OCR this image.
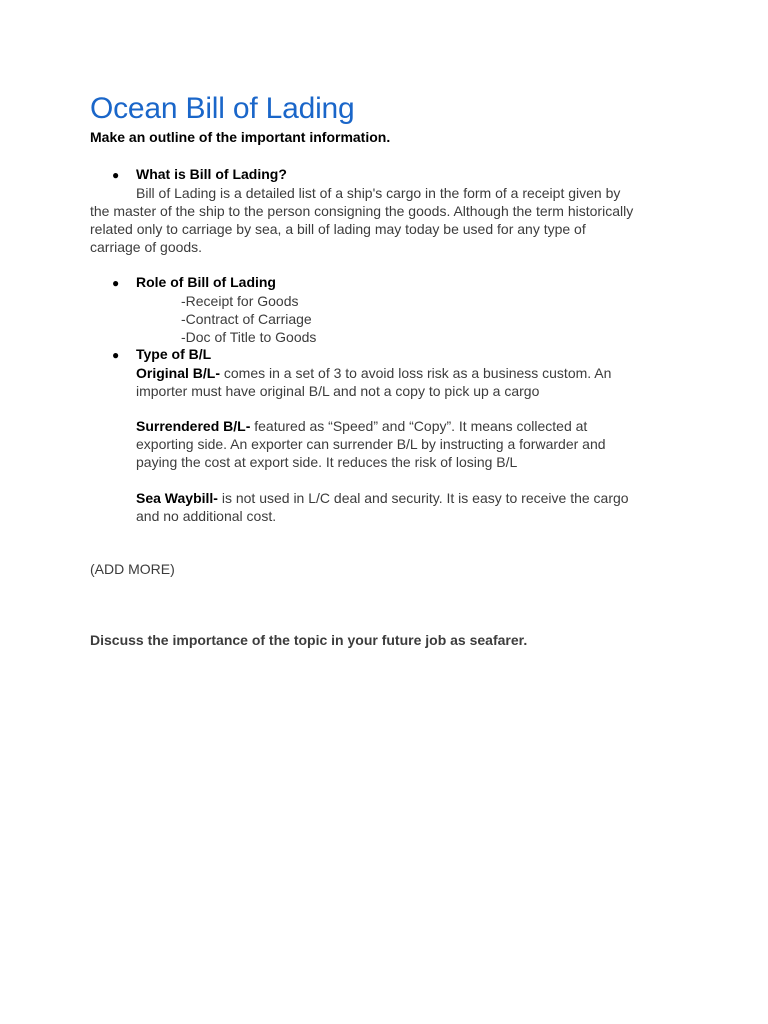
Ocean Bill of Lading
Make an outline of the important information.
● What is Bill of Lading?
Bill of Lading is a detailed list of a ship's cargo in the form of a receipt given by
the master of the ship to the person consigning the goods. Although the term historically
related only to carriage by sea, a bill of lading may today be used for any type of
carriage of goods.
● Role of Bill of Lading
-Receipt for Goods
-Contract of Carriage
-Doc of Title to Goods
● Type of B/L
Original B/L- comes in a set of 3 to avoid loss risk as a business custom. An
importer must have original B/L and not a copy to pick up a cargo
Surrendered B/L- featured as “Speed” and “Copy”. It means collected at
exporting side. An exporter can surrender B/L by instructing a forwarder and
paying the cost at export side. It reduces the risk of losing B/L
Sea Waybill- is not used in L/C deal and security. It is easy to receive the cargo
and no additional cost.
(ADD MORE)
Discuss the importance of the topic in your future job as seafarer.
